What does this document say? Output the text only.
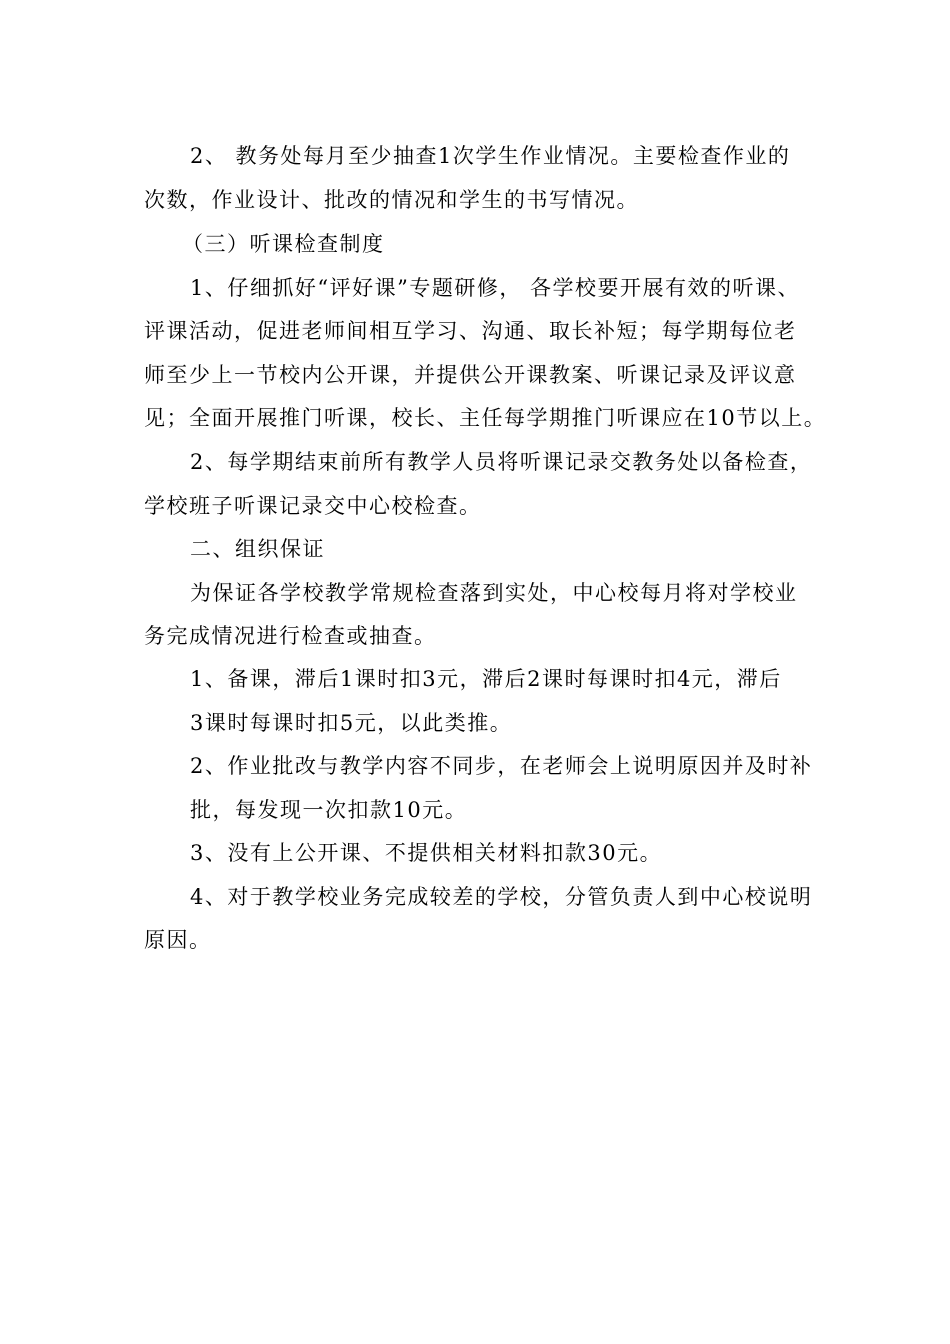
2、 教务处每月至少抽查1次学生作业情况。主要检查作业的
次数，作业设计、批改的情况和学生的书写情况。
（三）听课检查制度
1、仔细抓好“评好课”专题研修， 各学校要开展有效的听课、
评课活动，促进老师间相互学习、沟通、取长补短；每学期每位老
师至少上一节校内公开课，并提供公开课教案、听课记录及评议意
见；全面开展推门听课，校长、主任每学期推门听课应在10节以上。
2、每学期结束前所有教学人员将听课记录交教务处以备检查，
学校班子听课记录交中心校检查。
二、组织保证
为保证各学校教学常规检查落到实处，中心校每月将对学校业
务完成情况进行检查或抽查。
1、备课，滞后1课时扣3元，滞后2课时每课时扣4元，滞后
3课时每课时扣5元，以此类推。
2、作业批改与教学内容不同步，在老师会上说明原因并及时补
批，每发现一次扣款10元。
3、没有上公开课、不提供相关材料扣款30元。
4、对于教学校业务完成较差的学校，分管负责人到中心校说明
原因。
